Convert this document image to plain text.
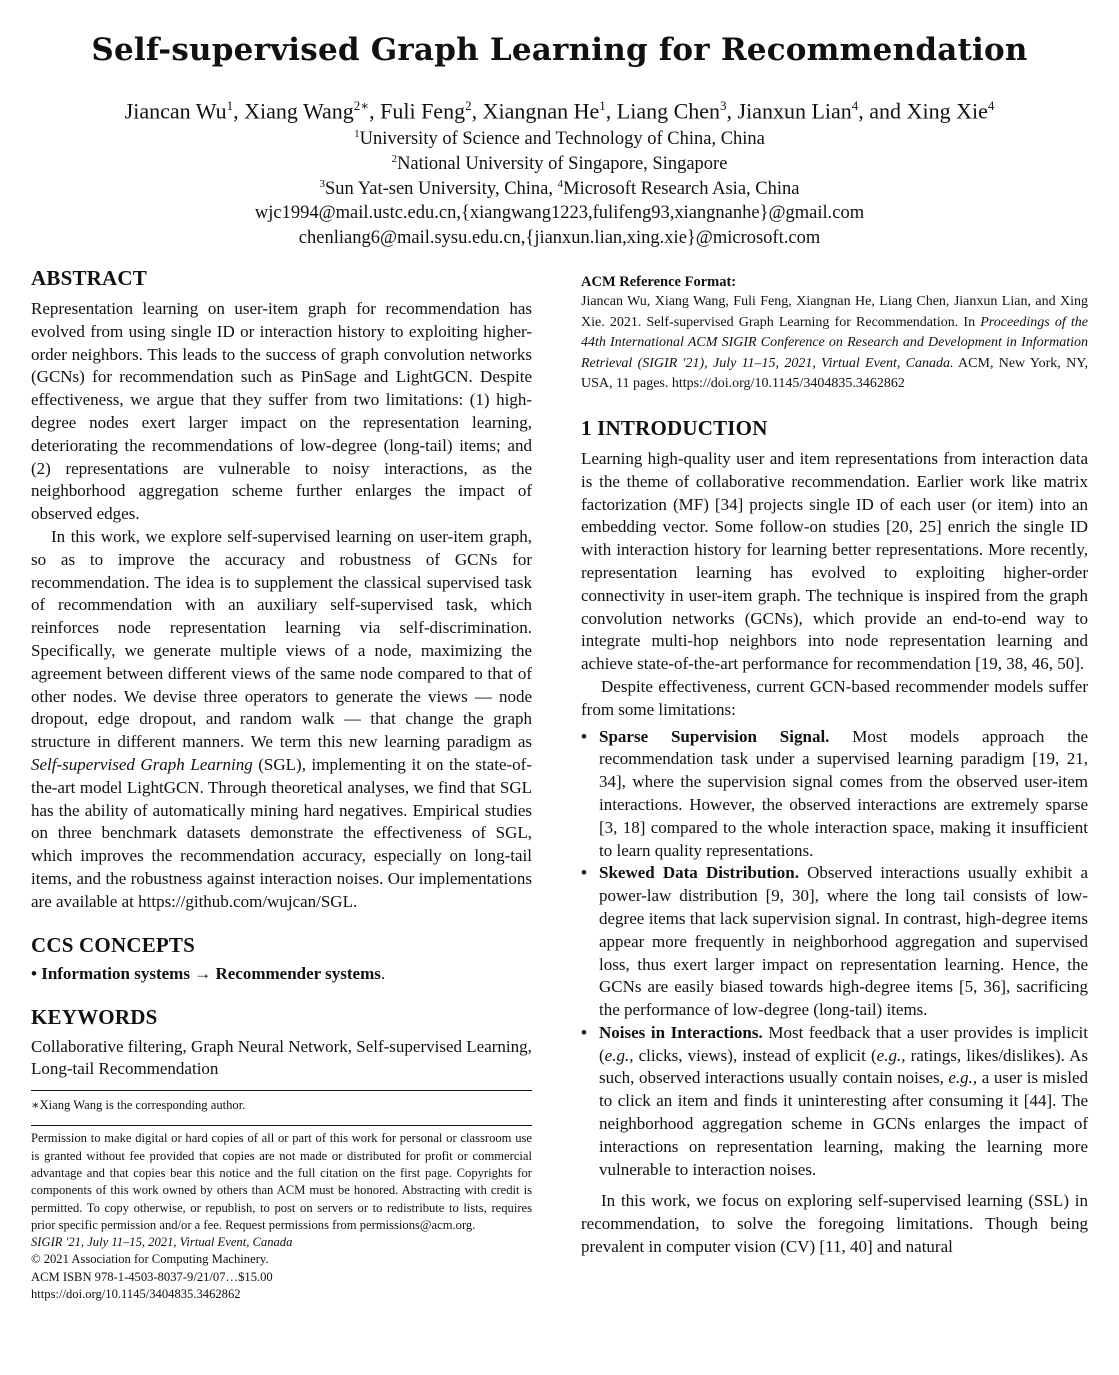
Self-supervised Graph Learning for Recommendation
Jiancan Wu$^1$, Xiang Wang$^{2∗}$, Fuli Feng$^2$, Xiangnan He$^1$, Liang Chen$^3$, Jianxun Lian$^4$, and Xing Xie$^4$
$^1$University of Science and Technology of China, China
$^2$National University of Singapore, Singapore
$^3$Sun Yat-sen University, China, $^4$Microsoft Research Asia, China
wjc1994@mail.ustc.edu.cn,{xiangwang1223,fulifeng93,xiangnanhe}@gmail.com
chenliang6@mail.sysu.edu.cn,{jianxun.lian,xing.xie}@microsoft.com
ABSTRACT

Representation learning on user-item graph for recommendation has evolved from using single ID or interaction history to exploiting higher-order neighbors. This leads to the success of graph convolution networks (GCNs) for recommendation such as PinSage and LightGCN. Despite effectiveness, we argue that they suffer from two limitations: (1) high-degree nodes exert larger impact on the representation learning, deteriorating the recommendations of low-degree (long-tail) items; and (2) representations are vulnerable to noisy interactions, as the neighborhood aggregation scheme further enlarges the impact of observed edges.

In this work, we explore self-supervised learning on user-item graph, so as to improve the accuracy and robustness of GCNs for recommendation. The idea is to supplement the classical supervised task of recommendation with an auxiliary self-supervised task, which reinforces node representation learning via self-discrimination. Specifically, we generate multiple views of a node, maximizing the agreement between different views of the same node compared to that of other nodes. We devise three operators to generate the views — node dropout, edge dropout, and random walk — that change the graph structure in different manners. We term this new learning paradigm as Self-supervised Graph Learning (SGL), implementing it on the state-of-the-art model LightGCN. Through theoretical analyses, we find that SGL has the ability of automatically mining hard negatives. Empirical studies on three benchmark datasets demonstrate the effectiveness of SGL, which improves the recommendation accuracy, especially on long-tail items, and the robustness against interaction noises. Our implementations are available at https://github.com/wujcan/SGL.

CCS CONCEPTS
• Information systems → Recommender systems.
KEYWORDS

Collaborative filtering, Graph Neural Network, Self-supervised Learning, Long-tail Recommendation

∗Xiang Wang is the corresponding author.

Permission to make digital or hard copies of all or part of this work for personal or classroom use is granted without fee provided that copies are not made or distributed for profit or commercial advantage and that copies bear this notice and the full citation on the first page. Copyrights for components of this work owned by others than ACM must be honored. Abstracting with credit is permitted. To copy otherwise, or republish, to post on servers or to redistribute to lists, requires prior specific permission and/or a fee. Request permissions from permissions@acm.org.

SIGIR '21, July 11–15, 2021, Virtual Event, Canada

© 2021 Association for Computing Machinery.

ACM ISBN 978-1-4503-8037-9/21/07…$15.00

https://doi.org/10.1145/3404835.3462862

ACM Reference Format:

Jiancan Wu, Xiang Wang, Fuli Feng, Xiangnan He, Liang Chen, Jianxun Lian, and Xing Xie. 2021. Self-supervised Graph Learning for Recommendation. In Proceedings of the 44th International ACM SIGIR Conference on Research and Development in Information Retrieval (SIGIR '21), July 11–15, 2021, Virtual Event, Canada. ACM, New York, NY, USA, 11 pages. https://doi.org/10.1145/3404835.3462862

1 INTRODUCTION

Learning high-quality user and item representations from interaction data is the theme of collaborative recommendation. Earlier work like matrix factorization (MF) [34] projects single ID of each user (or item) into an embedding vector. Some follow-on studies [20, 25] enrich the single ID with interaction history for learning better representations. More recently, representation learning has evolved to exploiting higher-order connectivity in user-item graph. The technique is inspired from the graph convolution networks (GCNs), which provide an end-to-end way to integrate multi-hop neighbors into node representation learning and achieve state-of-the-art performance for recommendation [19, 38, 46, 50].

Despite effectiveness, current GCN-based recommender models suffer from some limitations:

• Sparse Supervision Signal. Most models approach the recommendation task under a supervised learning paradigm [19, 21, 34], where the supervision signal comes from the observed user-item interactions. However, the observed interactions are extremely sparse [3, 18] compared to the whole interaction space, making it insufficient to learn quality representations.
• Skewed Data Distribution. Observed interactions usually exhibit a power-law distribution [9, 30], where the long tail consists of low-degree items that lack supervision signal. In contrast, high-degree items appear more frequently in neighborhood aggregation and supervised loss, thus exert larger impact on representation learning. Hence, the GCNs are easily biased towards high-degree items [5, 36], sacrificing the performance of low-degree (long-tail) items.
• Noises in Interactions. Most feedback that a user provides is implicit (e.g., clicks, views), instead of explicit (e.g., ratings, likes/dislikes). As such, observed interactions usually contain noises, e.g., a user is misled to click an item and finds it uninteresting after consuming it [44]. The neighborhood aggregation scheme in GCNs enlarges the impact of interactions on representation learning, making the learning more vulnerable to interaction noises.

In this work, we focus on exploring self-supervised learning (SSL) in recommendation, to solve the foregoing limitations. Though being prevalent in computer vision (CV) [11, 40] and natural
